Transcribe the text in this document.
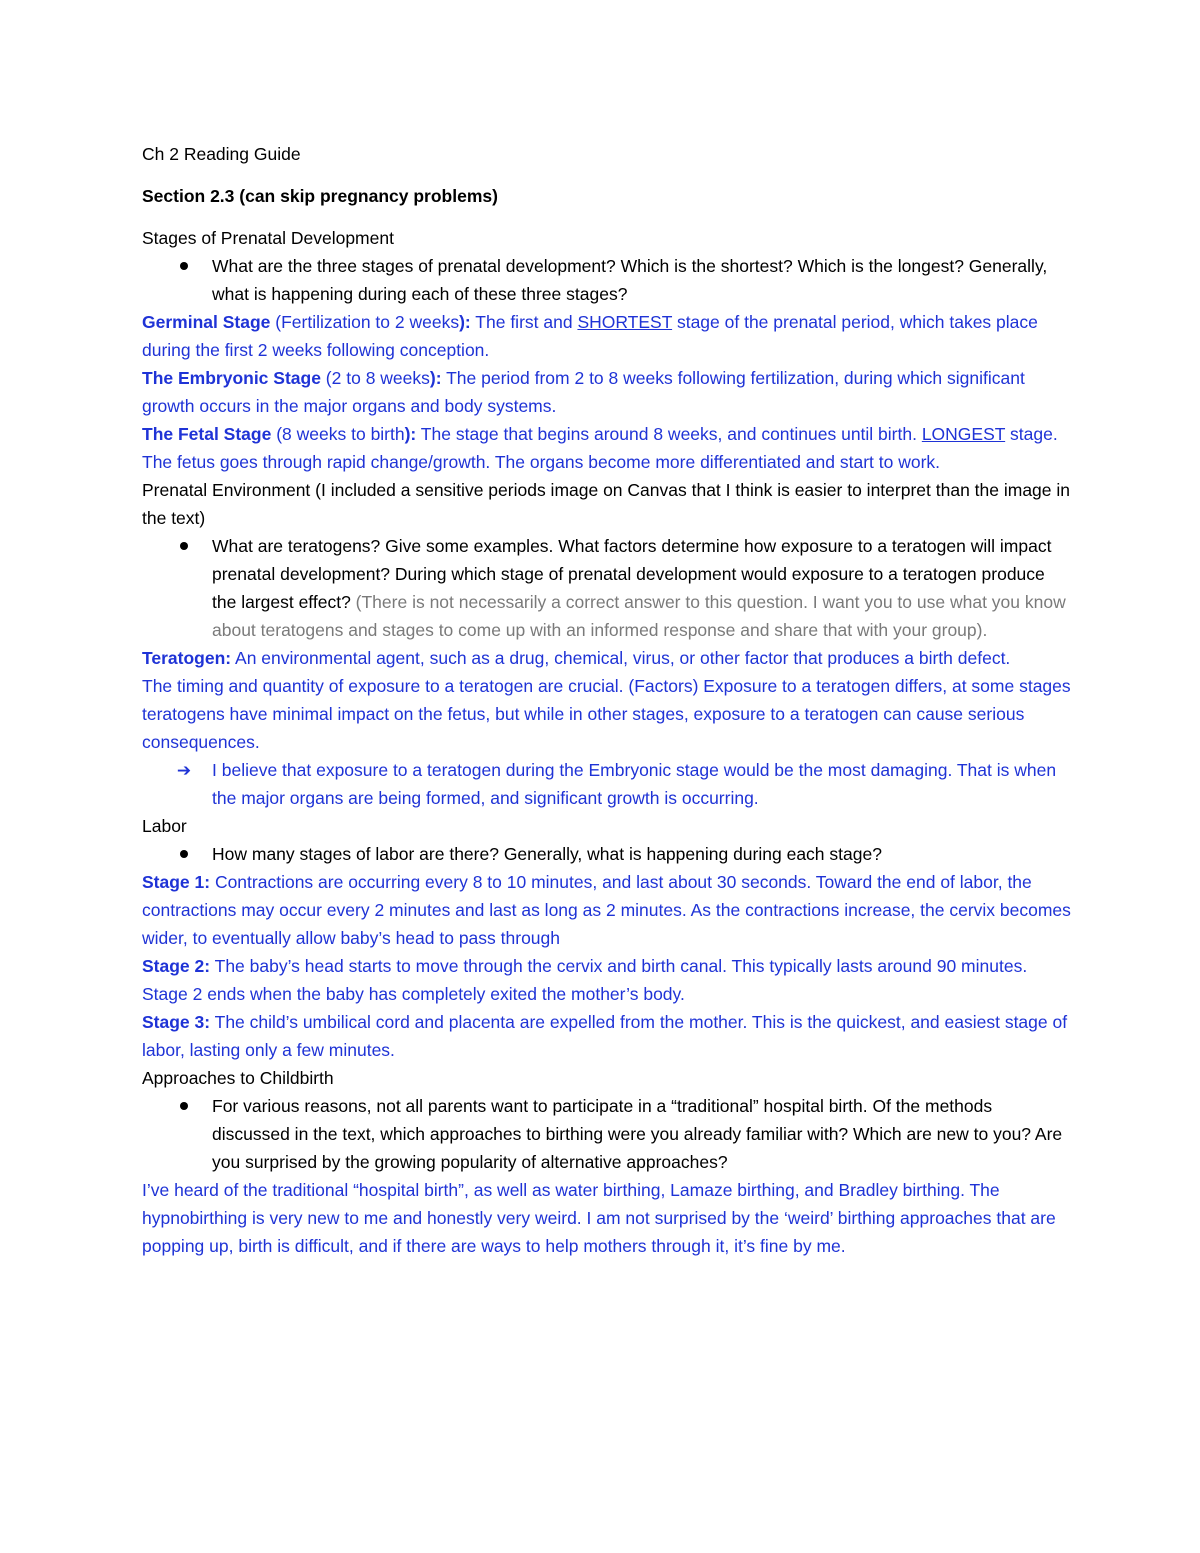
Ch 2 Reading Guide

Section 2.3 (can skip pregnancy problems)

Stages of Prenatal Development

What are the three stages of prenatal development? Which is the shortest? Which is the longest? Generally, what is happening during each of these three stages?

Germinal Stage (Fertilization to 2 weeks): The first and SHORTEST stage of the prenatal period, which takes place during the first 2 weeks following conception.

The Embryonic Stage (2 to 8 weeks): The period from 2 to 8 weeks following fertilization, during which significant growth occurs in the major organs and body systems.

The Fetal Stage (8 weeks to birth): The stage that begins around 8 weeks, and continues until birth. LONGEST stage. The fetus goes through rapid change/growth. The organs become more differentiated and start to work.

Prenatal Environment (I included a sensitive periods image on Canvas that I think is easier to interpret than the image in the text)

What are teratogens? Give some examples. What factors determine how exposure to a teratogen will impact prenatal development? During which stage of prenatal development would exposure to a teratogen produce the largest effect? (There is not necessarily a correct answer to this question. I want you to use what you know about teratogens and stages to come up with an informed response and share that with your group).

Teratogen: An environmental agent, such as a drug, chemical, virus, or other factor that produces a birth defect.

The timing and quantity of exposure to a teratogen are crucial. (Factors) Exposure to a teratogen differs, at some stages teratogens have minimal impact on the fetus, but while in other stages, exposure to a teratogen can cause serious consequences.

➔ I believe that exposure to a teratogen during the Embryonic stage would be the most damaging. That is when the major organs are being formed, and significant growth is occurring.

Labor

How many stages of labor are there? Generally, what is happening during each stage?

Stage 1: Contractions are occurring every 8 to 10 minutes, and last about 30 seconds. Toward the end of labor, the contractions may occur every 2 minutes and last as long as 2 minutes. As the contractions increase, the cervix becomes wider, to eventually allow baby’s head to pass through

Stage 2: The baby’s head starts to move through the cervix and birth canal. This typically lasts around 90 minutes. Stage 2 ends when the baby has completely exited the mother’s body.

Stage 3: The child’s umbilical cord and placenta are expelled from the mother. This is the quickest, and easiest stage of labor, lasting only a few minutes.

Approaches to Childbirth

For various reasons, not all parents want to participate in a “traditional” hospital birth. Of the methods discussed in the text, which approaches to birthing were you already familiar with? Which are new to you? Are you surprised by the growing popularity of alternative approaches?

I’ve heard of the traditional “hospital birth”, as well as water birthing, Lamaze birthing, and Bradley birthing. The hypnobirthing is very new to me and honestly very weird. I am not surprised by the ‘weird’ birthing approaches that are popping up, birth is difficult, and if there are ways to help mothers through it, it’s fine by me.
